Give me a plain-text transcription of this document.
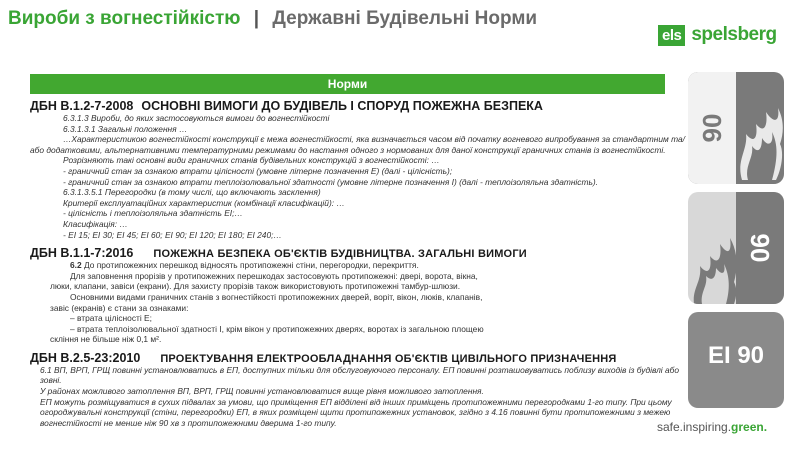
Вироби з вогнестійкістю | Державні Будівельні Норми
els spelsberg
Норми
ДБН В.1.2-7-2008 ОСНОВНІ ВИМОГИ ДО БУДІВЕЛЬ І СПОРУД ПОЖЕЖНА БЕЗПЕКА

6.3.1.3 Вироби, до яких застосовуються вимоги до вогнестійкості

6.3.1.3.1 Загальні положення …

…Характеристикою вогнестійкості конструкції є межа вогнестійкості, яка визначається часом від початку вогневого випробування за стандартним та/

або додатковими, альтернативними температурними режимами до настання одного з нормованих для даної конструкції граничних станів із вогнестійкості.

Розрізняють такі основні види граничних станів будівельних конструкцій з вогнестійкості: …

- граничний стан за ознакою втрати цілісності (умовне літерне позначення Е) (далі - цілісність);

- граничний стан за ознакою втрати теплоізолювальної здатності (умовне літерне позначення I) (далі - теплоізоляльна здатність).

6.3.1.3.5.1 Перегородки (в тому числі, що включають засклення)

Критерії експлуатаційних характеристик (комбінації класифікацій): …

- цілісність і теплоізоляльна здатність ЕI;…

Класифікація: …

- ЕI 15; ЕI 30; ЕI 45; ЕI 60; ЕI 90; ЕI 120; ЕI 180; ЕI 240;…

ДБН В.1.1-7:2016 ПОЖЕЖНА БЕЗПЕКА ОБ'ЄКТІВ БУДІВНИЦТВА. ЗАГАЛЬНІ ВИМОГИ

6.2 До протипожежних перешкод відносять протипожежні стіни, перегородки, перекриття.

Для заповнення прорізів у протипожежних перешкодах застосовують протипожежні: двері, ворота, вікна,

люки, клапани, завіси (екрани). Для захисту прорізів також використовують протипожежні тамбур-шлюзи.

Основними видами граничних станів з вогнестійкості протипожежних дверей, воріт, вікон, люків, клапанів,

завіс (екранів) є стани за ознаками:

– втрата цілісності Е;

– втрата теплоізолювальної здатності I, крім вікон у протипожежних дверях, воротах із загальною площею

скління не більше ніж 0,1 м².

ДБН В.2.5-23:2010 ПРОЕКТУВАННЯ ЕЛЕКТРООБЛАДНАННЯ ОБ'ЄКТІВ ЦИВІЛЬНОГО ПРИЗНАЧЕННЯ

6.1 ВП, ВРП, ГРЩ повинні установлюватись в ЕП, доступних тільки для обслуговуючого персоналу. ЕП повинні розташовуватись поблизу виходів із будівлі або зовні.

У районах можливого затоплення ВП, ВРП, ГРЩ повинні установлюватися вище рівня можливого затоплення.

ЕП можуть розміщуватися в сухих підвалах за умови, що приміщення ЕП відділені від інших приміщень протипожежними перегородками 1-го типу. При цьому огороджувальні конструкції (стіни, перегородки) ЕП, в яких розміщені щити протипожежних установок, згідно з 4.16 повинні бути протипожежними з межею вогнестійкості не менше ніж 90 хв з протипожежними дверима 1-го типу.

90
90
EI 90
safe.inspiring.green.
